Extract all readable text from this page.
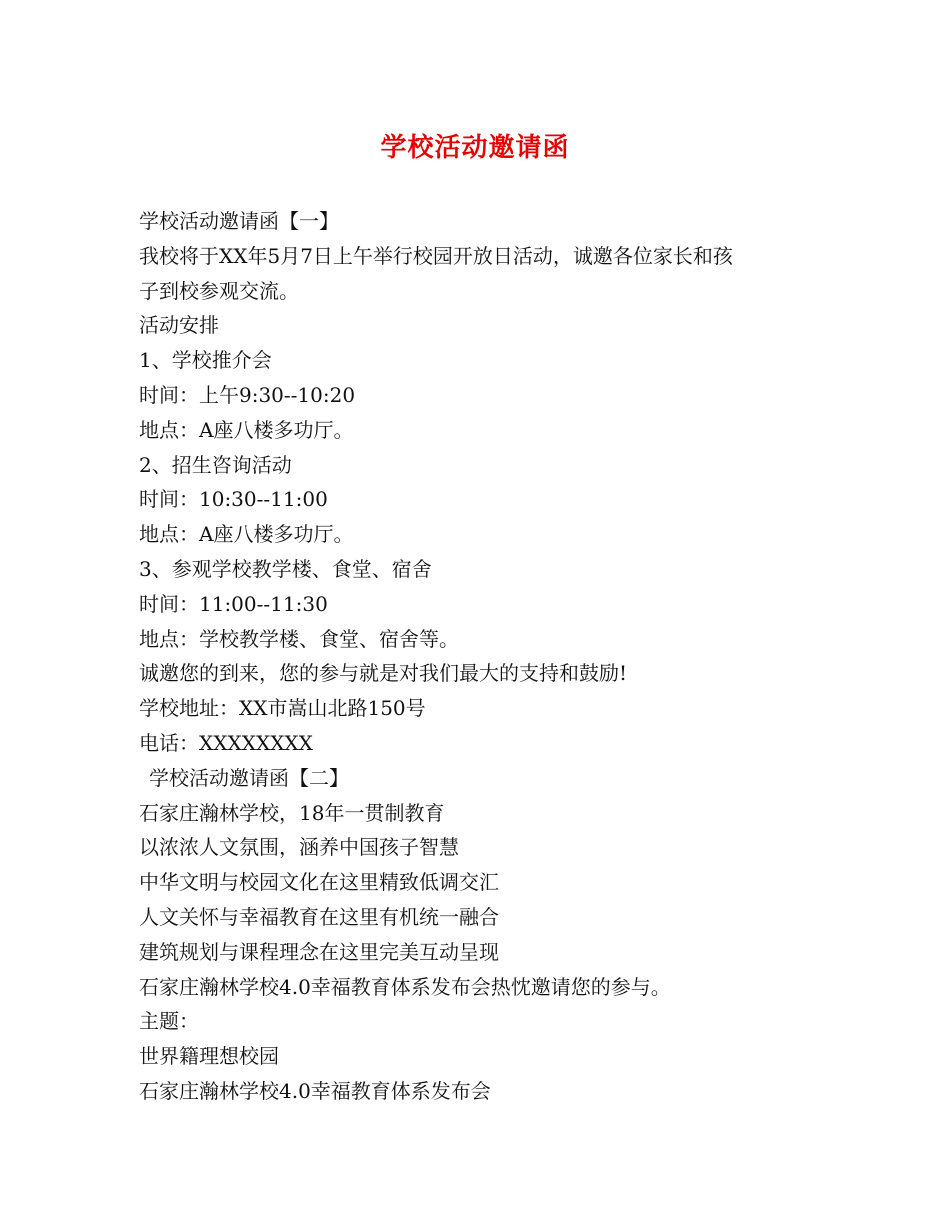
学校活动邀请函
学校活动邀请函【一】
我校将于XX年5月7日上午举行校园开放日活动，诚邀各位家长和孩
子到校参观交流。
活动安排
1、学校推介会
时间：上午9:30--10:20
地点：A座八楼多功厅。
2、招生咨询活动
时间：10:30--11:00
地点：A座八楼多功厅。
3、参观学校教学楼、食堂、宿舍
时间：11:00--11:30
地点：学校教学楼、食堂、宿舍等。
诚邀您的到来，您的参与就是对我们最大的支持和鼓励!
学校地址：XX市嵩山北路150号
电话：XXXXXXXX
学校活动邀请函【二】
石家庄瀚林学校，18年一贯制教育
以浓浓人文氛围，涵养中国孩子智慧
中华文明与校园文化在这里精致低调交汇
人文关怀与幸福教育在这里有机统一融合
建筑规划与课程理念在这里完美互动呈现
石家庄瀚林学校4.0幸福教育体系发布会热忱邀请您的参与。
主题：
世界籍理想校园
石家庄瀚林学校4.0幸福教育体系发布会
